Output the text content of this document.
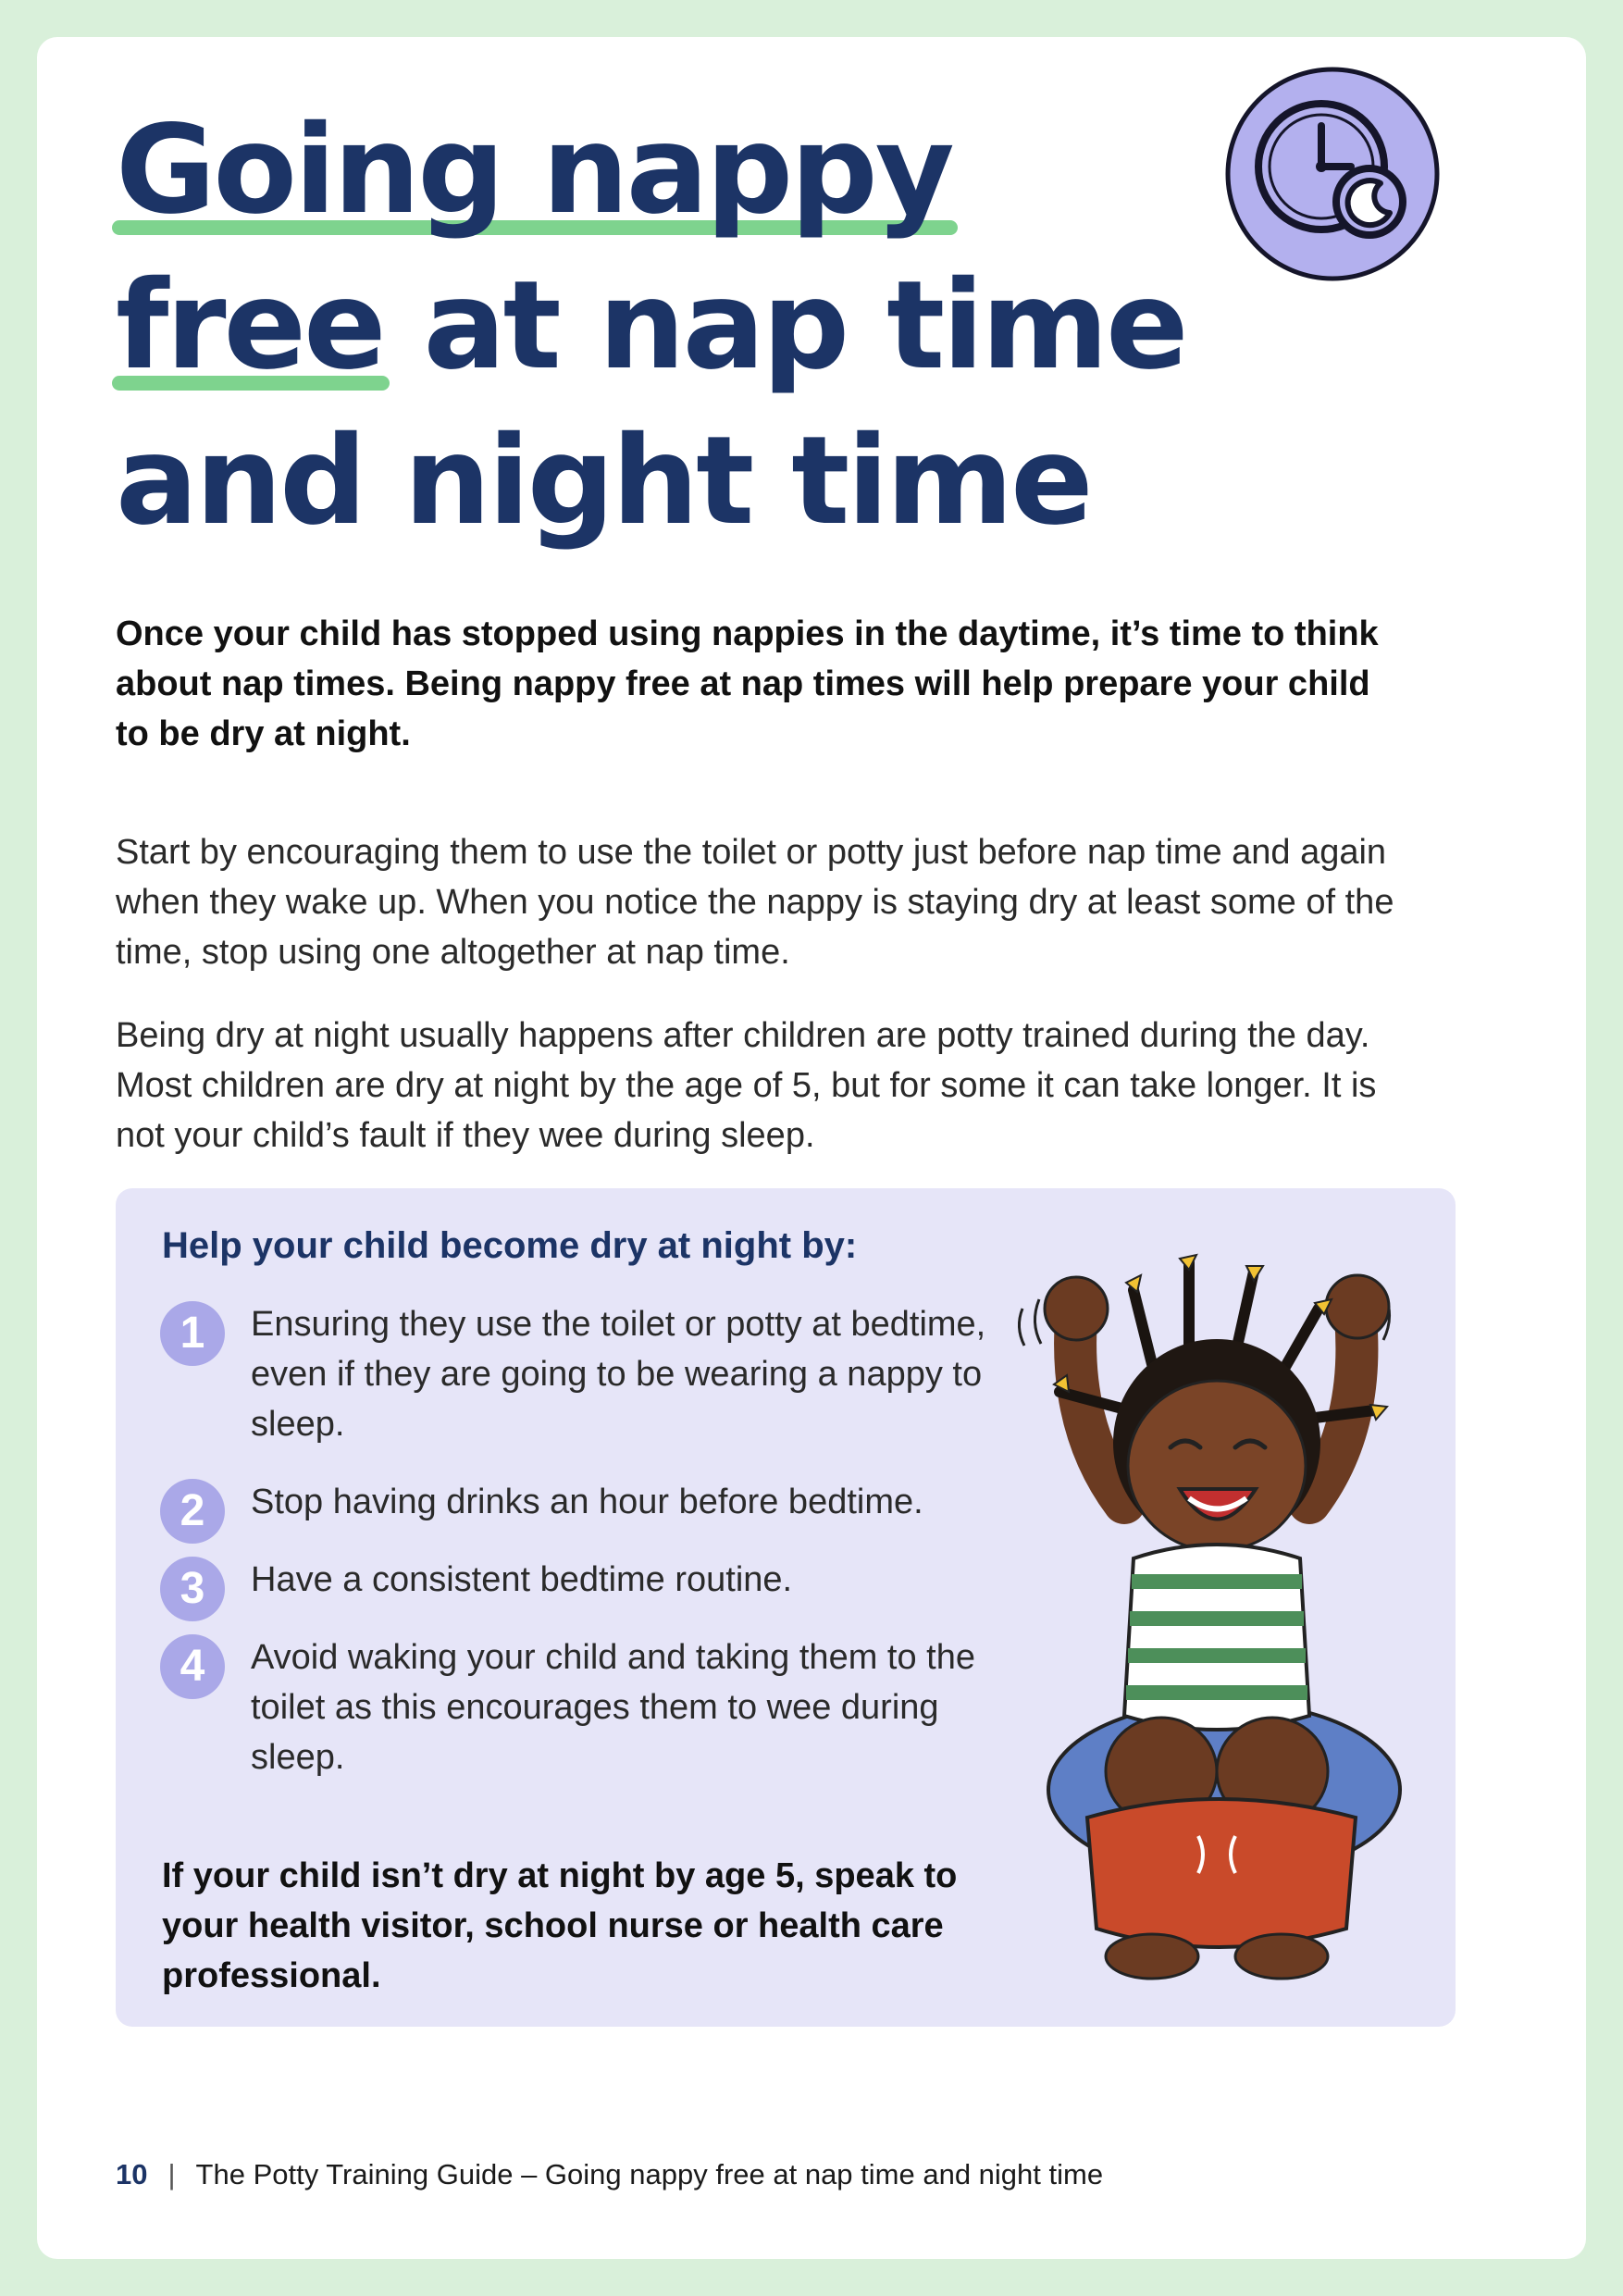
Going nappy
free at nap time
and night time

Once your child has stopped using nappies in the daytime, it’s time to think about nap times. Being nappy free at nap times will help prepare your child to be dry at night.

Start by encouraging them to use the toilet or potty just before nap time and again when they wake up. When you notice the nappy is staying dry at least some of the time, stop using one altogether at nap time.

Being dry at night usually happens after children are potty trained during the day. Most children are dry at night by the age of 5, but for some it can take longer. It is not your child’s fault if they wee during sleep.

Help your child become dry at night by:
1	Ensuring they use the toilet or potty at bedtime, even if they are going to be wearing a nappy to sleep.
2	Stop having drinks an hour before bedtime.
3	Have a consistent bedtime routine.
4	Avoid waking your child and taking them to the toilet as this encourages them to wee during sleep.

If your child isn’t dry at night by age 5, speak to your health visitor, school nurse or health care professional.

10 | The Potty Training Guide – Going nappy free at nap time and night time
